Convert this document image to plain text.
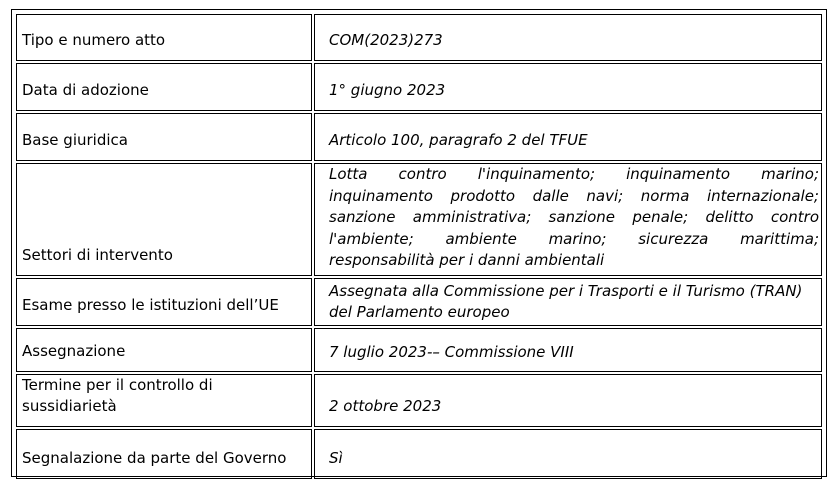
Tipo e numero atto	COM(2023)273
Data di adozione	1° giugno 2023
Base giuridica	Articolo 100, paragrafo 2 del TFUE
Settori di intervento	Lotta contro l'inquinamento; inquinamento marino; inquinamento prodotto dalle navi; norma internazionale; sanzione amministrativa; sanzione penale; delitto contro l'ambiente; ambiente marino; sicurezza marittima; responsabilità per i danni ambientali
Esame presso le istituzioni dell’UE	Assegnata alla Commissione per i Trasporti e il Turismo (TRAN) del Parlamento europeo
Assegnazione	7 luglio 2023-– Commissione VIII
Termine per il controllo di sussidiarietà	2 ottobre 2023
Segnalazione da parte del Governo	Sì
